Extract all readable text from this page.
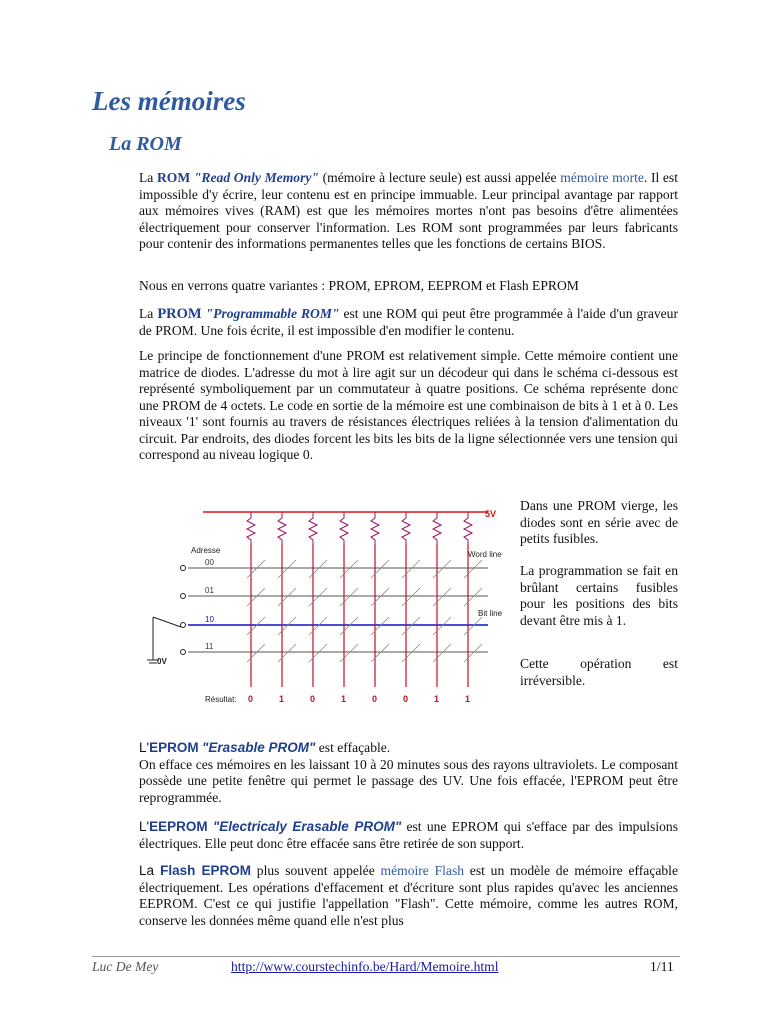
Les mémoires
La ROM

La ROM "Read Only Memory" (mémoire à lecture seule) est aussi appelée mémoire morte. Il est impossible d'y écrire, leur contenu est en principe immuable. Leur principal avantage par rapport aux mémoires vives (RAM) est que les mémoires mortes n'ont pas besoins d'être alimentées électriquement pour conserver l'information. Les ROM sont programmées par leurs fabricants pour contenir des informations permanentes telles que les fonctions de certains BIOS.

Nous en verrons quatre variantes : PROM, EPROM, EEPROM et Flash EPROM

La PROM "Programmable ROM" est une ROM qui peut être programmée à l'aide d'un graveur de PROM. Une fois écrite, il est impossible d'en modifier le contenu.

Le principe de fonctionnement d'une PROM est relativement simple. Cette mémoire contient une matrice de diodes. L'adresse du mot à lire agit sur un décodeur qui dans le schéma ci-dessous est représenté symboliquement par un commutateur à quatre positions. Ce schéma représente donc une PROM de 4 octets. Le code en sortie de la mémoire est une combinaison de bits à 1 et à 0. Les niveaux '1' sont fournis au travers de résistances électriques reliées à la tension d'alimentation du circuit. Par endroits, des diodes forcent les bits les bits de la ligne sélectionnée vers une tension qui correspond au niveau logique 0.

5V
00
01
10
11
Adresse	Word line
Bit line
0V
0	1	0	1	0	0	1	1
Résultat:
Dans une PROM vierge, les diodes sont en série avec de petits fusibles.
La programmation se fait en brûlant certains fusibles pour les positions des bits devant être mis à 1.
Cette opération est irréversible.

L'EPROM "Erasable PROM" est effaçable.
On efface ces mémoires en les laissant 10 à 20 minutes sous des rayons ultraviolets. Le composant possède une petite fenêtre qui permet le passage des UV. Une fois effacée, l'EPROM peut être reprogrammée.

L'EEPROM "Electricaly Erasable PROM" est une EPROM qui s'efface par des impulsions électriques. Elle peut donc être effacée sans être retirée de son support.

La Flash EPROM plus souvent appelée mémoire Flash est un modèle de mémoire effaçable électriquement. Les opérations d'effacement et d'écriture sont plus rapides qu'avec les anciennes EEPROM. C'est ce qui justifie l'appellation "Flash". Cette mémoire, comme les autres ROM, conserve les données même quand elle n'est plus

Luc De Mey	http://www.courstechinfo.be/Hard/Memoire.html	1/11
